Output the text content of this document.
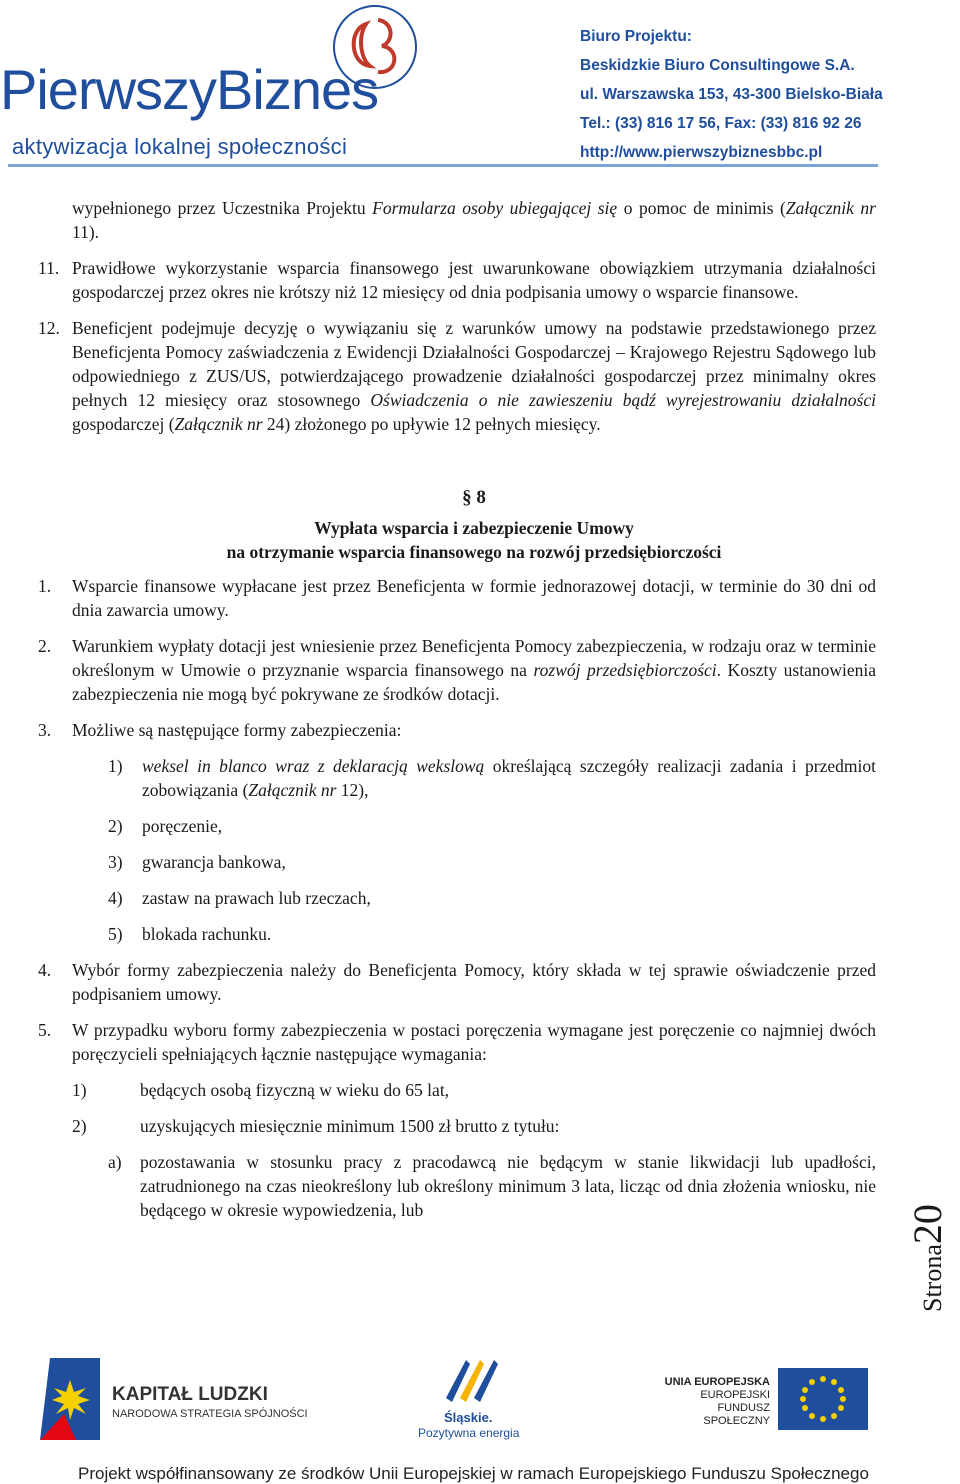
PierwszyBiznes
aktywizacja lokalnej społeczności
Biuro Projektu:
Beskidzkie Biuro Consultingowe S.A.
ul. Warszawska 153, 43-300 Bielsko-Biała
Tel.: (33) 816 17 56, Fax: (33) 816 92 26
http://www.pierwszybiznesbbc.pl

wypełnionego przez Uczestnika Projektu Formularza osoby ubiegającej się o pomoc de minimis (Załącznik nr 11).

11. Prawidłowe wykorzystanie wsparcia finansowego jest uwarunkowane obowiązkiem utrzymania działalności gospodarczej przez okres nie krótszy niż 12 miesięcy od dnia podpisania umowy o wsparcie finansowe.

12. Beneficjent podejmuje decyzję o wywiązaniu się z warunków umowy na podstawie przedstawionego przez Beneficjenta Pomocy zaświadczenia z Ewidencji Działalności Gospodarczej – Krajowego Rejestru Sądowego lub odpowiedniego z ZUS/US, potwierdzającego prowadzenie działalności gospodarczej przez minimalny okres pełnych 12 miesięcy oraz stosownego Oświadczenia o nie zawieszeniu bądź wyrejestrowaniu działalności gospodarczej (Załącznik nr 24) złożonego po upływie 12 pełnych miesięcy.

§ 8
Wypłata wsparcia i zabezpieczenie Umowy
na otrzymanie wsparcia finansowego na rozwój przedsiębiorczości
1. Wsparcie finansowe wypłacane jest przez Beneficjenta w formie jednorazowej dotacji, w terminie do 30 dni od dnia zawarcia umowy.

2. Warunkiem wypłaty dotacji jest wniesienie przez Beneficjenta Pomocy zabezpieczenia, w rodzaju oraz w terminie określonym w Umowie o przyznanie wsparcia finansowego na rozwój przedsiębiorczości. Koszty ustanowienia zabezpieczenia nie mogą być pokrywane ze środków dotacji.

3. Możliwe są następujące formy zabezpieczenia:

1) weksel in blanco wraz z deklaracją wekslową określającą szczegóły realizacji zadania i przedmiot zobowiązania (Załącznik nr 12),

2) poręczenie,
3) gwarancja bankowa,
4) zastaw na prawach lub rzeczach,
5) blokada rachunku.
4. Wybór formy zabezpieczenia należy do Beneficjenta Pomocy, który składa w tej sprawie oświadczenie przed podpisaniem umowy.

5. W przypadku wyboru formy zabezpieczenia w postaci poręczenia wymagane jest poręczenie co najmniej dwóch poręczycieli spełniających łącznie następujące wymagania:

1)	będących osobą fizyczną w wieku do 65 lat,
2)	uzyskujących miesięcznie minimum 1500 zł brutto z tytułu:
a) pozostawania w stosunku pracy z pracodawcą nie będącym w stanie likwidacji lub upadłości, zatrudnionego na czas nieokreślony lub określony minimum 3 lata, licząc od dnia złożenia wniosku, nie będącego w okresie wypowiedzenia, lub

Strona20
KAPITAŁ LUDZKI
NARODOWA STRATEGIA SPÓJNOŚCI	Śląskie.
Pozytywna energia
UNIA EUROPEJSKA
EUROPEJSKI
FUNDUSZ SPOŁECZNY
Projekt współfinansowany ze środków Unii Europejskiej w ramach Europejskiego Funduszu Społecznego
